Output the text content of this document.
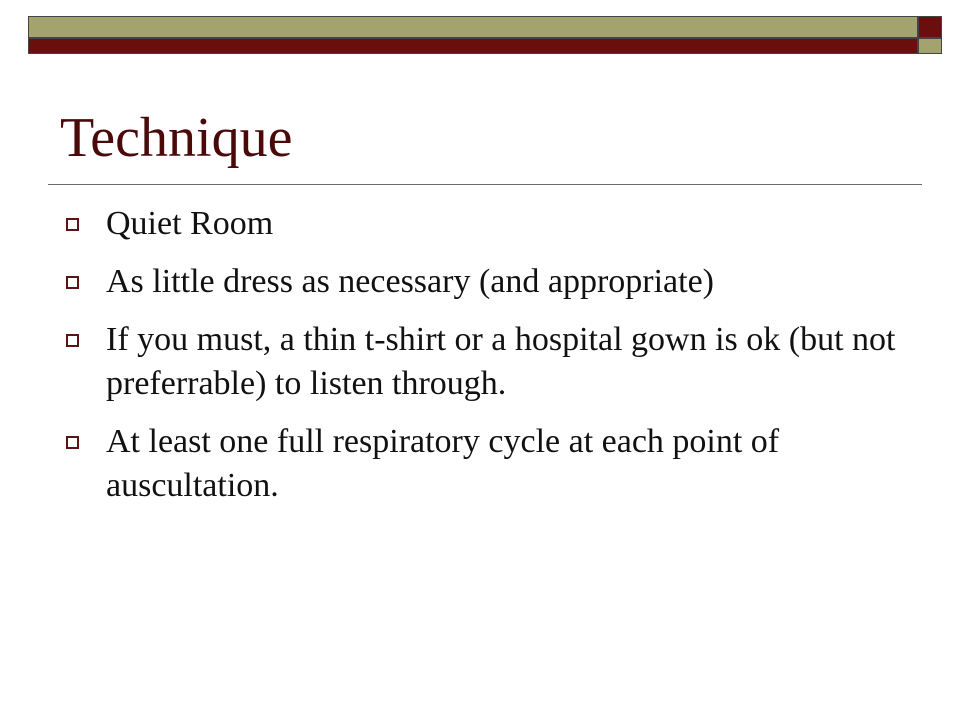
Technique
Quiet Room
As little dress as necessary (and appropriate)
If you must, a thin t-shirt or a hospital gown is ok (but not preferrable) to listen through.
At least one full respiratory cycle at each point of auscultation.
